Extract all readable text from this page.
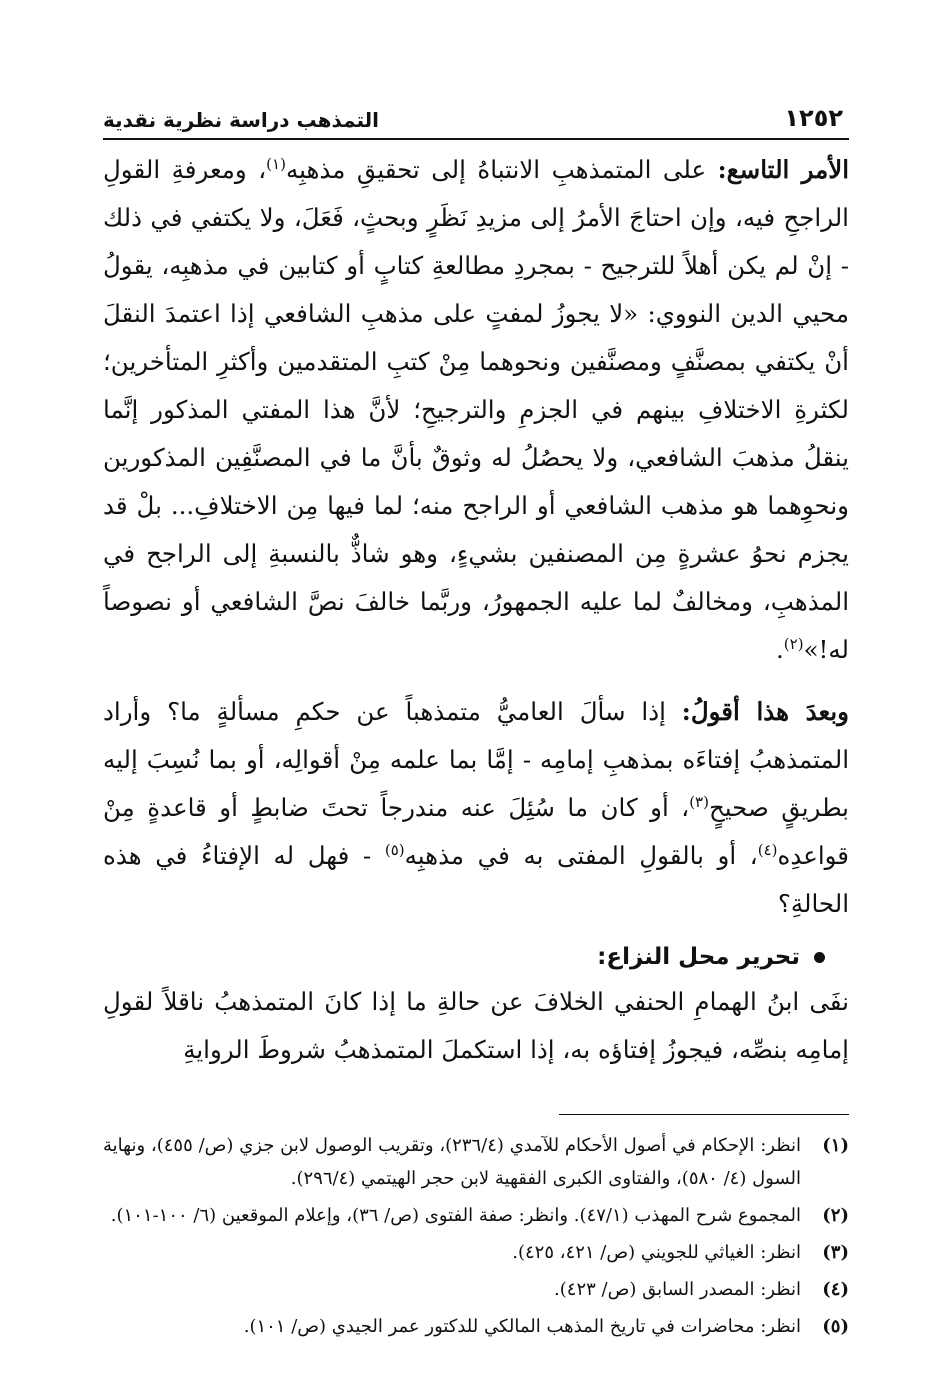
١٢٥٢
التمذهب دراسة نظرية نقدية

الأمر التاسع: على المتمذهبِ الانتباهُ إلى تحقيقِ مذهبِه$^{(١)}$، ومعرفةِ القولِ الراجحِ فيه، وإن احتاجَ الأمرُ إلى مزيدِ نَظَرٍ وبحثٍ، فَعَلَ، ولا يكتفي في ذلك - إنْ لم يكن أهلاً للترجيح - بمجردِ مطالعةِ كتابٍ أو كتابين في مذهبِه، يقولُ محيي الدين النووي: «لا يجوزُ لمفتٍ على مذهبِ الشافعي إذا اعتمدَ النقلَ أنْ يكتفي بمصنَّفٍ ومصنَّفين ونحوهما مِنْ كتبِ المتقدمين وأكثرِ المتأخرين؛ لكثرةِ الاختلافِ بينهم في الجزمِ والترجيحِ؛ لأنَّ هذا المفتي المذكور إنَّما ينقلُ مذهبَ الشافعي، ولا يحصُلُ له وثوقٌ بأنَّ ما في المصنَّفِين المذكورين ونحوِهما هو مذهب الشافعي أو الراجح منه؛ لما فيها مِن الاختلافِ... بلْ قد يجزم نحوُ عشرةٍ مِن المصنفين بشيءٍ، وهو شاذٌّ بالنسبةِ إلى الراجح في المذهبِ، ومخالفٌ لما عليه الجمهورُ، وربَّما خالفَ نصَّ الشافعي أو نصوصاً له!»$^{(٢)}$.

وبعدَ هذا أقولُ: إذا سألَ العاميُّ متمذهباً عن حكمِ مسألةٍ ما؟ وأراد المتمذهبُ إفتاءَه بمذهبِ إمامِه - إمَّا بما علمه مِنْ أقوالِه، أو بما نُسِبَ إليه بطريقٍ صحيحٍ$^{(٣)}$، أو كان ما سُئِلَ عنه مندرجاً تحتَ ضابطٍ أو قاعدةٍ مِنْ قواعدِه$^{(٤)}$، أو بالقولِ المفتى به في مذهبِه$^{(٥)}$ - فهل له الإفتاءُ في هذه الحالةِ؟

تحرير محل النزاع:

نفَى ابنُ الهمامِ الحنفي الخلافَ عن حالةِ ما إذا كانَ المتمذهبُ ناقلاً لقولِ إمامِه بنصِّه، فيجوزُ إفتاؤه به، إذا استكملَ المتمذهبُ شروطَ الروايةِ

(١)
انظر: الإحكام في أصول الأحكام للآمدي (٢٣٦/٤)، وتقريب الوصول لابن جزي (ص/ ٤٥٥)، ونهاية السول (٤/ ٥٨٠)، والفتاوى الكبرى الفقهية لابن حجر الهيتمي (٢٩٦/٤).
(٢)
المجموع شرح المهذب (٤٧/١). وانظر: صفة الفتوى (ص/ ٣٦)، وإعلام الموقعين (٦/ ١٠٠-١٠١).
(٣)
انظر: الغياثي للجويني (ص/ ٤٢١، ٤٢٥).
(٤)
انظر: المصدر السابق (ص/ ٤٢٣).
(٥)
انظر: محاضرات في تاريخ المذهب المالكي للدكتور عمر الجيدي (ص/ ١٠١).
